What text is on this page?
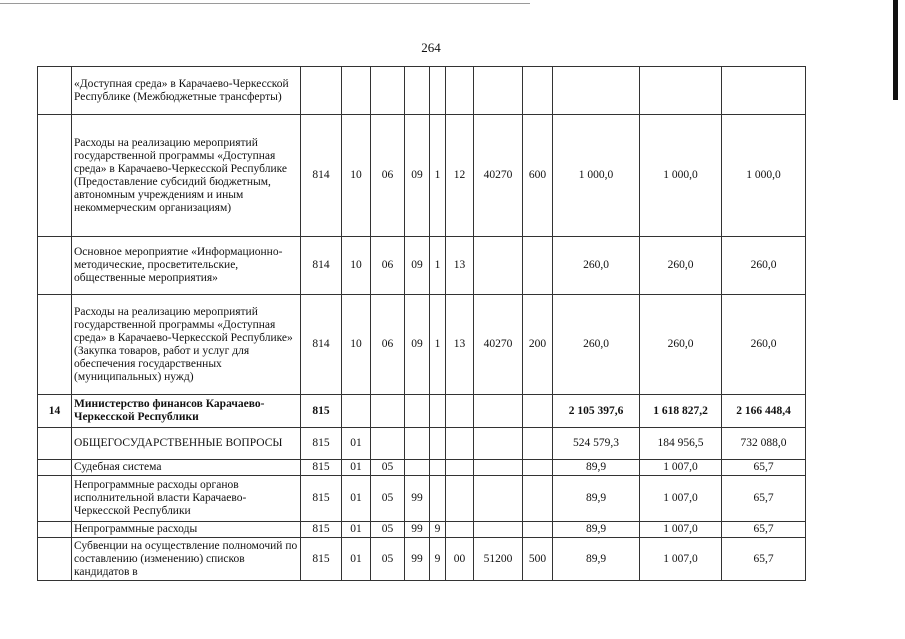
264
	«Доступная среда» в Карачаево-Черкесской Республике (Межбюджетные трансферты)											
	Расходы на реализацию мероприятий государственной программы «Доступная среда» в Карачаево-Черкесской Республике (Предоставление субсидий бюджетным, автономным учреждениям и иным некоммерческим организациям)	814	10	06	09	1	12	40270	600	1 000,0	1 000,0	1 000,0
	Основное мероприятие «Информационно-методические, просветительские, общественные мероприятия»	814	10	06	09	1	13			260,0	260,0	260,0
	Расходы на реализацию мероприятий государственной программы «Доступная среда» в Карачаево-Черкесской Республике» (Закупка товаров, работ и услуг для обеспечения государственных (муниципальных) нужд)	814	10	06	09	1	13	40270	200	260,0	260,0	260,0
14	Министерство финансов Карачаево-Черкесской Республики	815								2 105 397,6	1 618 827,2	2 166 448,4
	ОБЩЕГОСУДАРСТВЕННЫЕ ВОПРОСЫ	815	01							524 579,3	184 956,5	732 088,0
	Судебная система	815	01	05						89,9	1 007,0	65,7
	Непрограммные расходы органов исполнительной власти Карачаево-Черкесской Республики	815	01	05	99					89,9	1 007,0	65,7
	Непрограммные расходы	815	01	05	99	9				89,9	1 007,0	65,7
	Субвенции на осуществление полномочий по составлению (изменению) списков кандидатов в	815	01	05	99	9	00	51200	500	89,9	1 007,0	65,7
